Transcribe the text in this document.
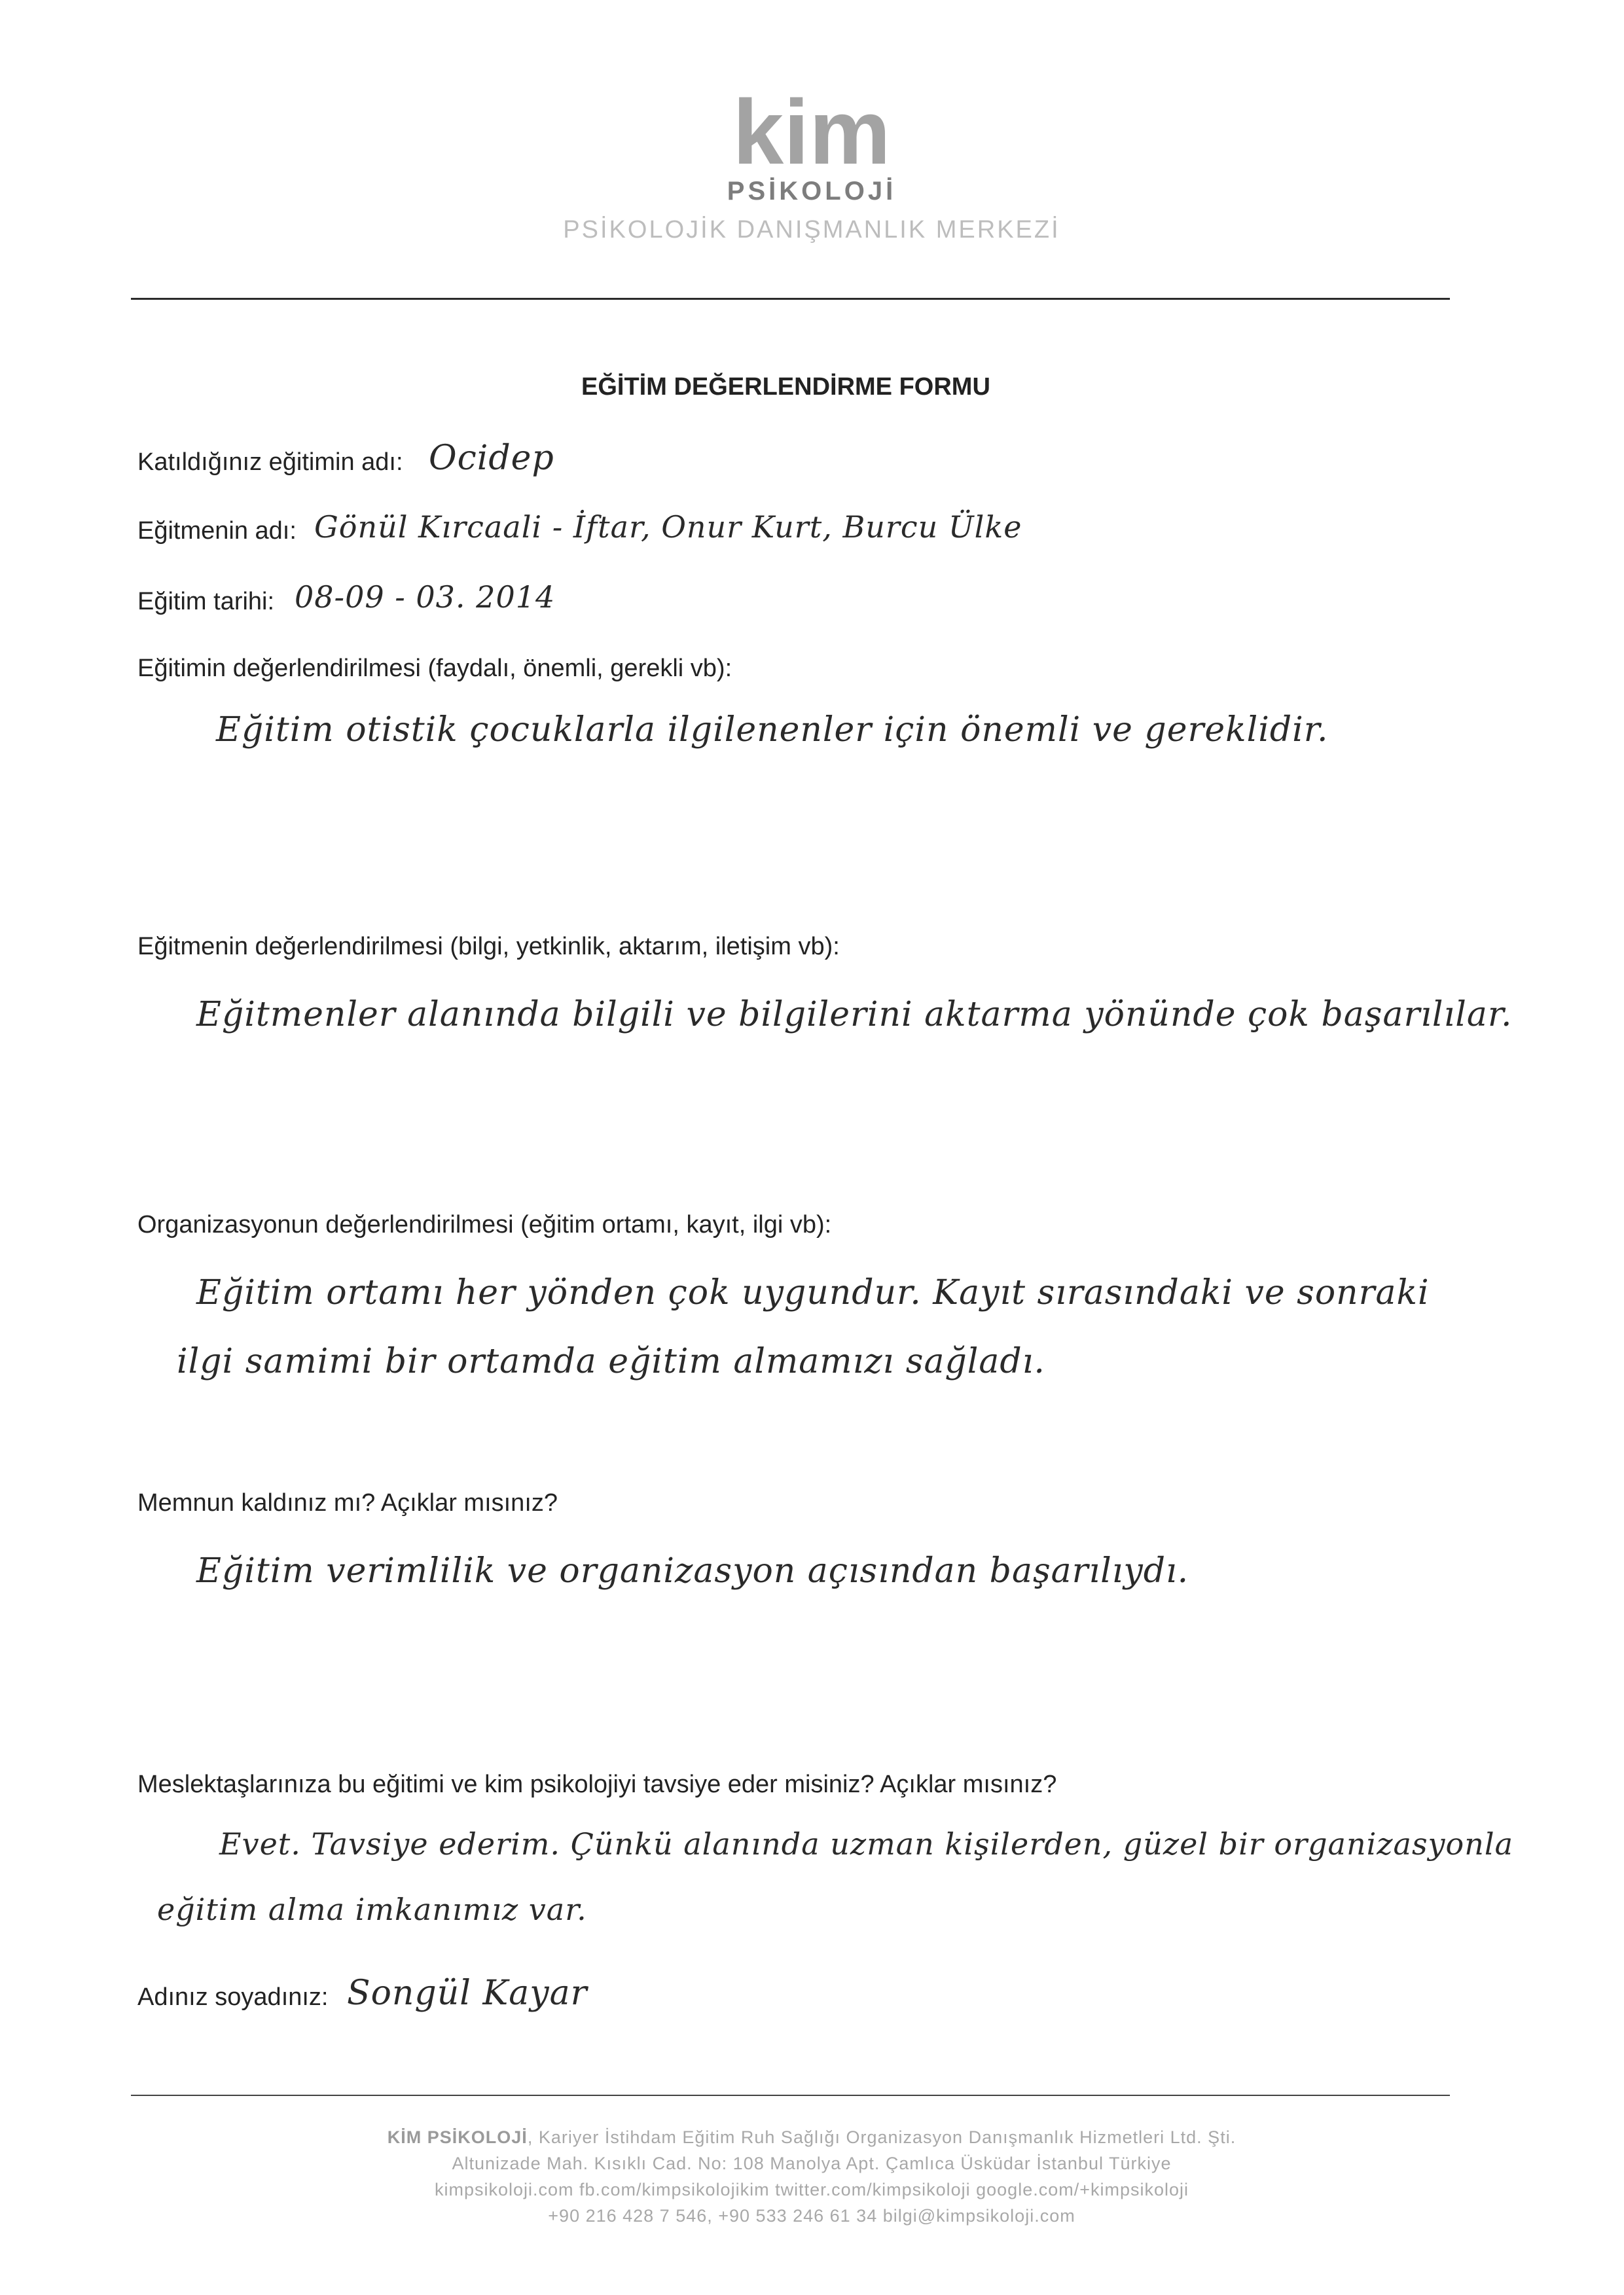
kim
PSİKOLOJİ
PSİKOLOJİK DANIŞMANLIK MERKEZİ
EĞİTİM DEĞERLENDİRME FORMU
Katıldığınız eğitimin adı: Ocidep
Eğitmenin adı: Gönül Kırcaali - İftar, Onur Kurt, Burcu Ülke
Eğitim tarihi: 08-09 - 03. 2014
Eğitimin değerlendirilmesi (faydalı, önemli, gerekli vb):
Eğitim otistik çocuklarla ilgilenenler için önemli ve gereklidir.
Eğitmenin değerlendirilmesi (bilgi, yetkinlik, aktarım, iletişim vb):
Eğitmenler alanında bilgili ve bilgilerini aktarma yönünde çok başarılılar.
Organizasyonun değerlendirilmesi (eğitim ortamı, kayıt, ilgi vb):
Eğitim ortamı her yönden çok uygundur. Kayıt sırasındaki ve sonraki
ilgi samimi bir ortamda eğitim almamızı sağladı.
Memnun kaldınız mı? Açıklar mısınız?
Eğitim verimlilik ve organizasyon açısından başarılıydı.
Meslektaşlarınıza bu eğitimi ve kim psikolojiyi tavsiye eder misiniz? Açıklar mısınız?
Evet. Tavsiye ederim. Çünkü alanında uzman kişilerden, güzel bir organizasyonla
eğitim alma imkanımız var.
Adınız soyadınız: Songül Kayar
KİM PSİKOLOJİ, Kariyer İstihdam Eğitim Ruh Sağlığı Organizasyon Danışmanlık Hizmetleri Ltd. Şti.
Altunizade Mah. Kısıklı Cad. No: 108 Manolya Apt. Çamlıca Üsküdar İstanbul Türkiye
kimpsikoloji.com fb.com/kimpsikolojikim twitter.com/kimpsikoloji google.com/+kimpsikoloji
+90 216 428 7 546, +90 533 246 61 34 bilgi@kimpsikoloji.com
